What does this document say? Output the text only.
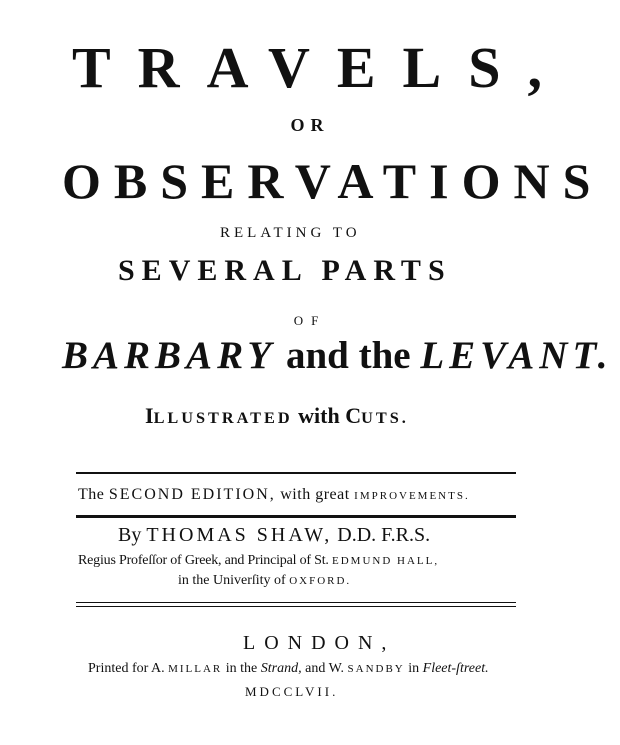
TRAVELS,
OR
OBSERVATIONS
RELATING TO
SEVERAL PARTS
OF
BARBARY and the LEVANT.
ILLUSTRATED with CUTS.
The SECOND EDITION, with great IMPROVEMENTS.
By THOMAS SHAW, D.D. F.R.S.
Regius Profeſſor of Greek, and Principal of St. EDMUND HALL,
in the Univerſity of OXFORD.
LONDON,
Printed for A. MILLAR in the Strand, and W. SANDBY in Fleet-ſtreet.
MDCCLVII.
